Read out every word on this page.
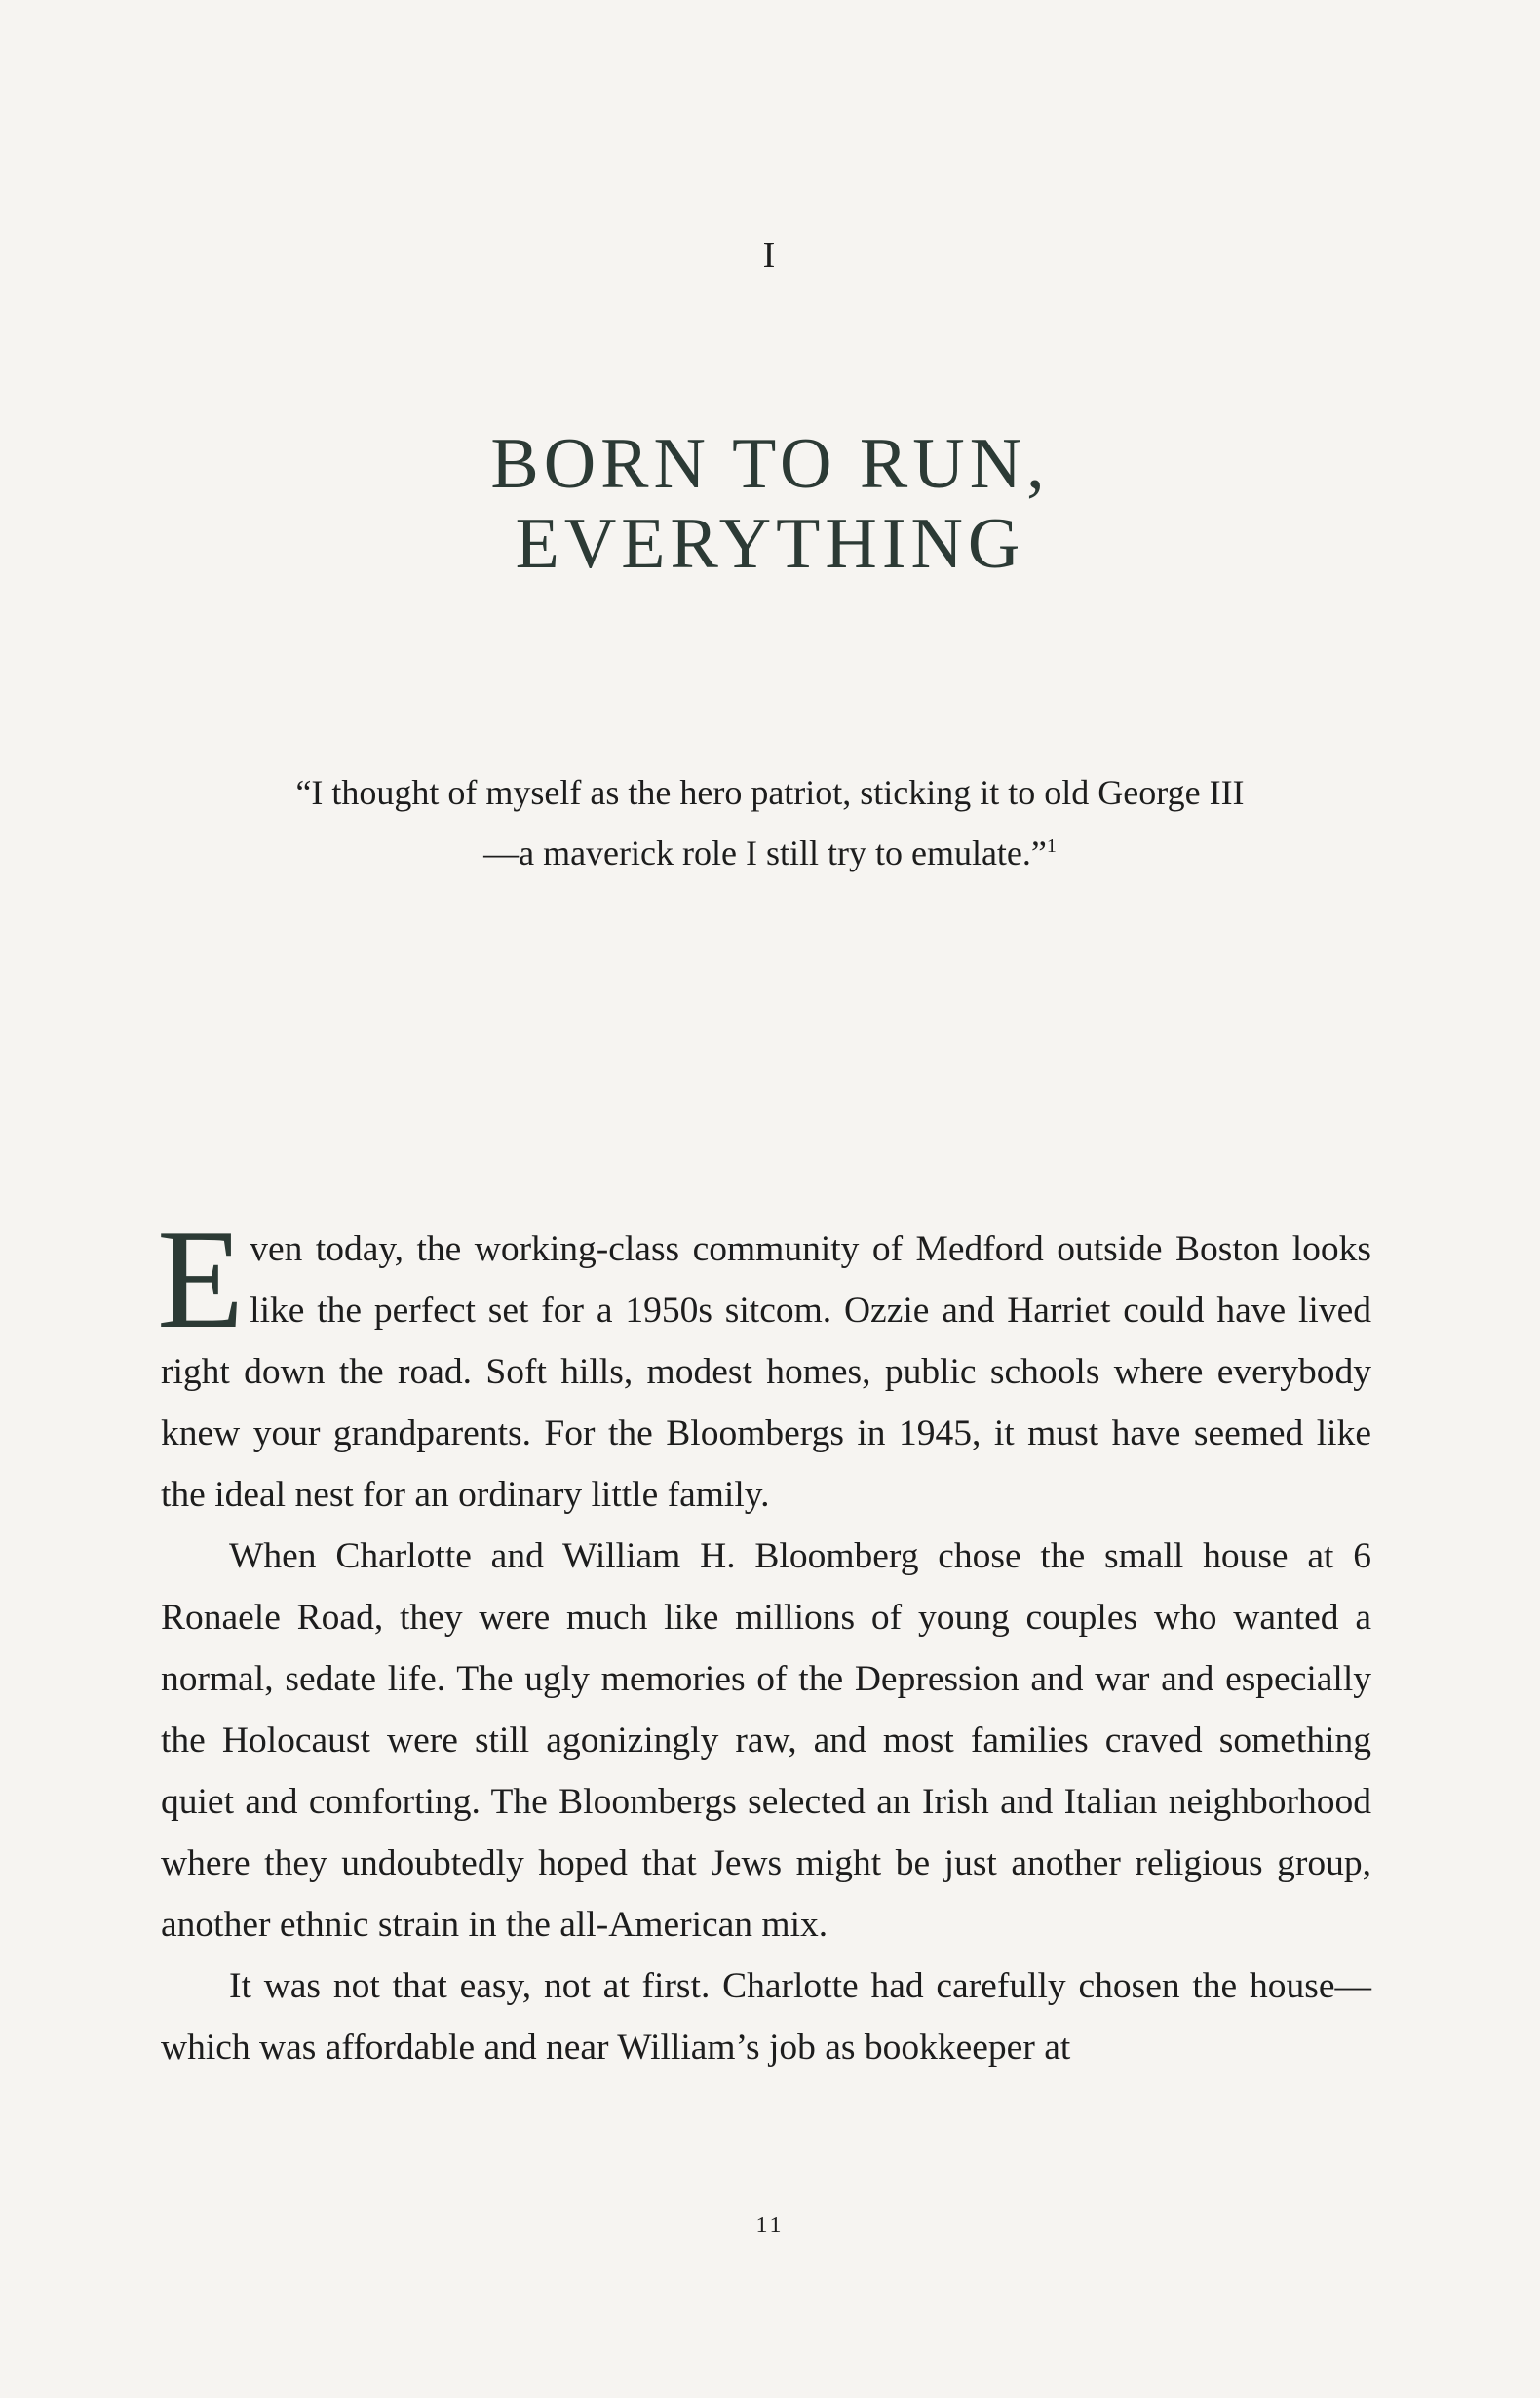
I
BORN TO RUN,
EVERYTHING
“I thought of myself as the hero patriot, sticking it to old George III—a maverick role I still try to emulate.”$^1$

Even today, the working-class community of Medford outside Boston looks like the perfect set for a 1950s sitcom. Ozzie and Harriet could have lived right down the road. Soft hills, modest homes, public schools where everybody knew your grandparents. For the Bloombergs in 1945, it must have seemed like the ideal nest for an ordinary little family.

When Charlotte and William H. Bloomberg chose the small house at 6 Ronaele Road, they were much like millions of young couples who wanted a normal, sedate life. The ugly memories of the Depression and war and especially the Holocaust were still agonizingly raw, and most families craved something quiet and comforting. The Bloombergs selected an Irish and Italian neighborhood where they undoubtedly hoped that Jews might be just another religious group, another ethnic strain in the all-American mix.

It was not that easy, not at first. Charlotte had carefully chosen the house—which was affordable and near William’s job as bookkeeper at

11
